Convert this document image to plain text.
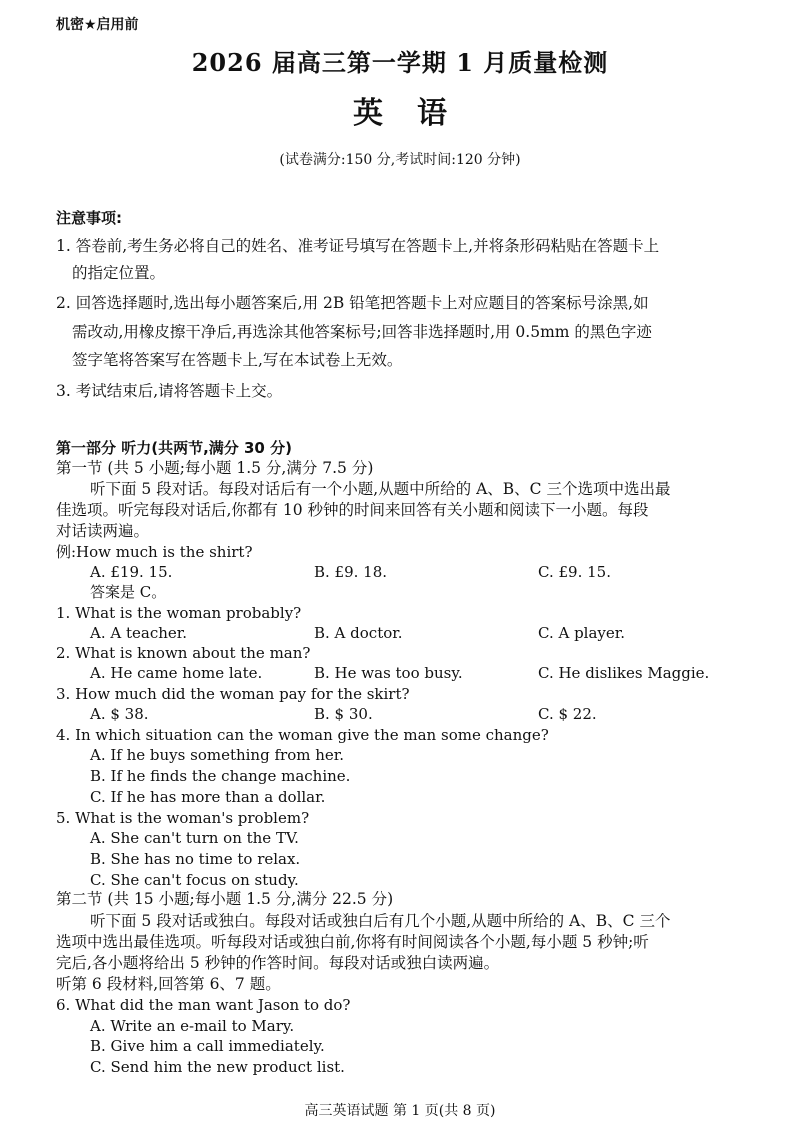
机密★启用前
2026 届高三第一学期 1 月质量检测
英语
(试卷满分:150 分,考试时间:120 分钟)
注意事项:
1. 答卷前,考生务必将自己的姓名、准考证号填写在答题卡上,并将条形码粘贴在答题卡上
的指定位置。
2. 回答选择题时,选出每小题答案后,用 2B 铅笔把答题卡上对应题目的答案标号涂黑,如
需改动,用橡皮擦干净后,再选涂其他答案标号;回答非选择题时,用 0.5mm 的黑色字迹
签字笔将答案写在答题卡上,写在本试卷上无效。
3. 考试结束后,请将答题卡上交。
第一部分 听力(共两节,满分 30 分)
第一节 (共 5 小题;每小题 1.5 分,满分 7.5 分)
听下面 5 段对话。每段对话后有一个小题,从题中所给的 A、B、C 三个选项中选出最
佳选项。听完每段对话后,你都有 10 秒钟的时间来回答有关小题和阅读下一小题。每段
对话读两遍。
例:How much is the shirt?
A. £19. 15.	B. £9. 18.	C. £9. 15.
答案是 C。
1. What is the woman probably?
A. A teacher.	B. A doctor.	C. A player.
2. What is known about the man?
A. He came home late.	B. He was too busy.	C. He dislikes Maggie.
3. How much did the woman pay for the skirt?
A. $ 38.	B. $ 30.	C. $ 22.
4. In which situation can the woman give the man some change?
A. If he buys something from her.
B. If he finds the change machine.
C. If he has more than a dollar.
5. What is the woman's problem?
A. She can't turn on the TV.
B. She has no time to relax.
C. She can't focus on study.
第二节 (共 15 小题;每小题 1.5 分,满分 22.5 分)
听下面 5 段对话或独白。每段对话或独白后有几个小题,从题中所给的 A、B、C 三个
选项中选出最佳选项。听每段对话或独白前,你将有时间阅读各个小题,每小题 5 秒钟;听
完后,各小题将给出 5 秒钟的作答时间。每段对话或独白读两遍。
听第 6 段材料,回答第 6、7 题。
6. What did the man want Jason to do?
A. Write an e-mail to Mary.
B. Give him a call immediately.
C. Send him the new product list.
高三英语试题 第 1 页(共 8 页)
